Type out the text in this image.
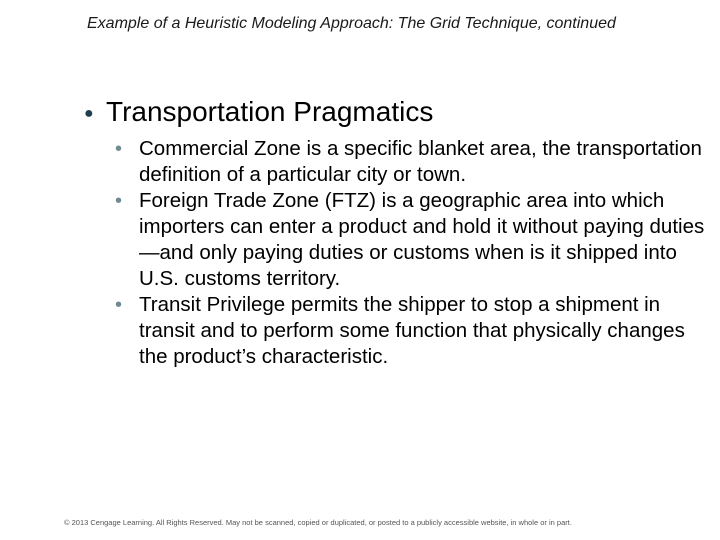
Example of a Heuristic Modeling Approach: The Grid Technique, continued
● Transportation Pragmatics
• Commercial Zone is a specific blanket area, the transportation definition of a particular city or town.
• Foreign Trade Zone (FTZ) is a geographic area into which importers can enter a product and hold it without paying duties—and only paying duties or customs when is it shipped into U.S. customs territory.
• Transit Privilege permits the shipper to stop a shipment in transit and to perform some function that physically changes the product’s characteristic.
© 2013 Cengage Learning. All Rights Reserved. May not be scanned, copied or duplicated, or posted to a publicly accessible website, in whole or in part.
